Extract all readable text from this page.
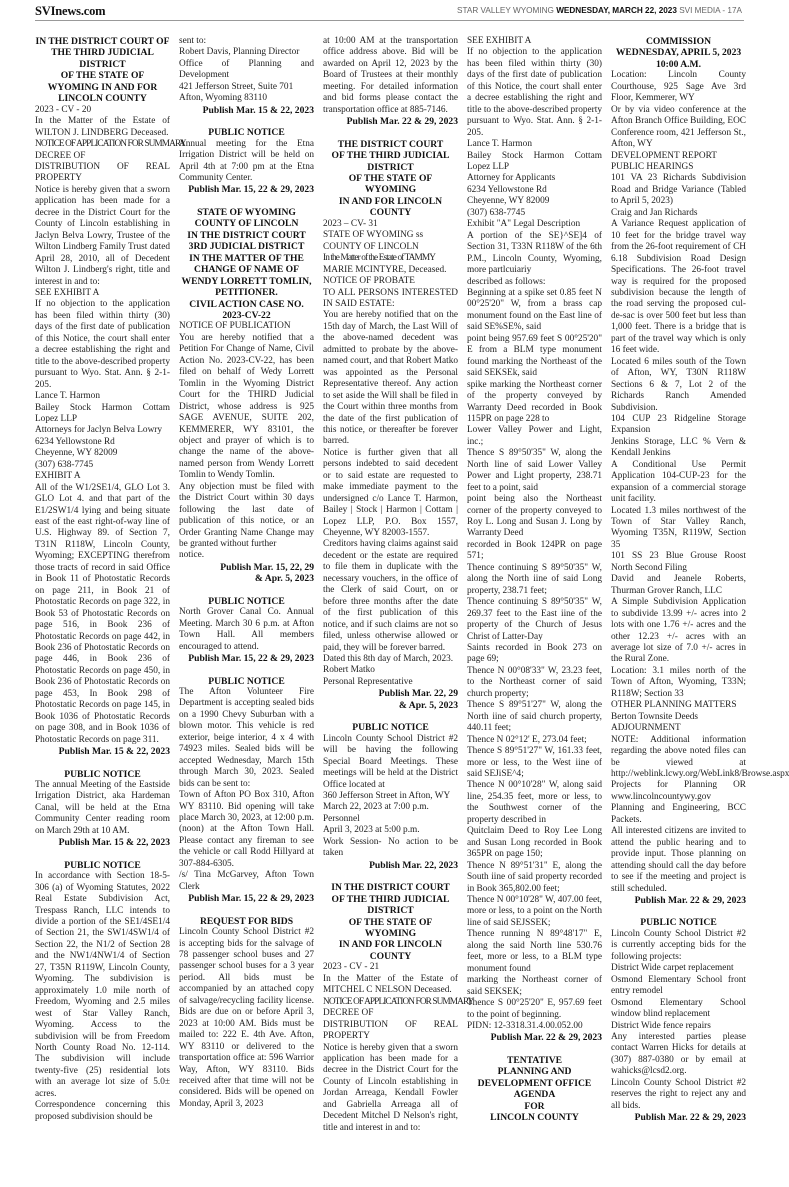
SVInews.com	STAR VALLEY WYOMING WEDNESDAY, MARCH 22, 2023 SVI MEDIA - 17A
IN THE DISTRICT COURT OF THE THIRD JUDICIAL DISTRICT
OF THE STATE OF WYOMING IN AND FOR LINCOLN COUNTY
2023 - CV - 20
In the Matter of the Estate of WILTON J. LINDBERG Deceased.
NOTICE OF APPLICATION FOR SUMMARY
DECREE OF
DISTRIBUTION OF REAL
PROPERTY
Notice is hereby given that a sworn application has been made for a decree in the District Court for the County of Lincoln establishing in Jaclyn Belva Lowry, Trustee of the Wilton Lindberg Family Trust dated April 28, 2010, all of Decedent Wilton J. Lindberg's right, title and interest in and to:
SEE EXHIBIT A
If no objection to the application has been filed within thirty (30) days of the first date of publication of this Notice, the court shall enter a decree establishing the right and title to the above-described property pursuant to Wyo. Stat. Ann. § 2-1-205.
Lance T. Harmon
Bailey Stock Harmon Cottam Lopez LLP
Attorneys for Jaclyn Belva Lowry
6234 Yellowstone Rd
Cheyenne, WY 82009
(307) 638-7745
EXHIBIT A
All of the W1/2SE1/4, GLO Lot 3. GLO Lot 4. and that part of the E1/2SW1/4 lying and being situate east of the east right-of-way line of U.S. Highway 89. of Section 7, T31N R118W, Lincoln County, Wyoming; EXCEPTING therefrom those tracts of record in said Office in Book 11 of Photostatic Records on page 211, in Book 21 of Photostatic Records on page 322, in Book 53 of Photostatic Records on page 516, in Book 236 of Photostatic Records on page 442, in Book 236 of Photostatic Records on page 446, in Book 236 of Photostatic Records on page 450, in Book 236 of Photostatic Records on page 453, In Book 298 of Photostatic Records on page 145, in Book 1036 of Photostatic Records on page 308, and in Book 1036 of Photostatic Records on page 311.
Publish Mar. 15 & 22, 2023
PUBLIC NOTICE
The annual Meeting of the Eastside Irrigation District, aka Hardeman Canal, will be held at the Etna Community Center reading room on March 29th at 10 AM.
Publish Mar. 15 & 22, 2023
PUBLIC NOTICE
In accordance with Section 18-5-306 (a) of Wyoming Statutes, 2022 Real Estate Subdivision Act, Trespass Ranch, LLC intends to divide a portion of the SE1/4SE1/4 of Section 21, the SW1/4SW1/4 of Section 22, the N1/2 of Section 28 and the NW1/4NW1/4 of Section 27, T35N R119W, Lincoln County, Wyoming. The subdivision is approximately 1.0 mile north of Freedom, Wyoming and 2.5 miles west of Star Valley Ranch, Wyoming. Access to the subdivision will be from Freedom North County Road No. 12-114. The subdivision will include twenty-five (25) residential lots with an average lot size of 5.0± acres.
Correspondence concerning this proposed subdivision should be
sent to:
Robert Davis, Planning Director
Office of Planning and Development
421 Jefferson Street, Suite 701
Afton, Wyoming 83110
Publish Mar. 15 & 22, 2023
PUBLIC NOTICE
Annual meeting for the Etna Irrigation District will be held on April 4th at 7:00 pm at the Etna Community Center.
Publish Mar. 15, 22 & 29, 2023
STATE OF WYOMING
COUNTY OF LINCOLN
IN THE DISTRICT COURT
3RD JUDICIAL DISTRICT
IN THE MATTER OF THE
CHANGE OF NAME OF
WENDY LORRETT TOMLIN, PETITIONER.
CIVIL ACTION CASE NO. 2023-CV-22
NOTICE OF PUBLICATION
You are hereby notified that a Petition For Change of Name, Civil Action No. 2023-CV-22, has been filed on behalf of Wedy Lorrett Tomlin in the Wyoming District Court for the THIRD Judicial District, whose address is 925 SAGE AVENUE, SUITE 202, KEMMERER, WY 83101, the object and prayer of which is to change the name of the above-named person from Wendy Lorrett Tomlin to Wendy Tomlin.
Any objection must be filed with the District Court within 30 days following the last date of publication of this notice, or an Order Granting Name Change may be granted without further
notice.
Publish Mar. 15, 22, 29
& Apr. 5, 2023
PUBLIC NOTICE
North Grover Canal Co. Annual Meeting. March 30 6 p.m. at Afton Town Hall. All members encouraged to attend.
Publish Mar. 15, 22 & 29, 2023
PUBLIC NOTICE
The Afton Volunteer Fire Department is accepting sealed bids on a 1990 Chevy Suburban with a blown motor. This vehicle is red exterior, beige interior, 4 x 4 with 74923 miles. Sealed bids will be accepted Wednesday, March 15th through March 30, 2023. Sealed bids can be sent to:
Town of Afton PO Box 310, Afton WY 83110. Bid opening will take place March 30, 2023, at 12:00 p.m. (noon) at the Afton Town Hall. Please contact any fireman to see the vehicle or call Rodd Hillyard at 307-884-6305.
/s/ Tina McGarvey, Afton Town Clerk
Publish Mar. 15, 22 & 29, 2023
REQUEST FOR BIDS
Lincoln County School District #2 is accepting bids for the salvage of 78 passenger school buses and 27 passenger school buses for a 3 year period. All bids must be accompanied by an attached copy of salvage/recycling facility license. Bids are due on or before April 3, 2023 at 10:00 AM. Bids must be mailed to: 222 E. 4th Ave. Afton, WY 83110 or delivered to the transportation office at: 596 Warrior Way, Afton, WY 83110. Bids received after that time will not be considered. Bids will be opened on Monday, April 3, 2023
at 10:00 AM at the transportation office address above. Bid will be awarded on April 12, 2023 by the Board of Trustees at their monthly meeting. For detailed information and bid forms please contact the transportation office at 885-7146.
Publish Mar. 22 & 29, 2023
THE DISTRICT COURT
OF THE THIRD JUDICIAL DISTRICT
OF THE STATE OF WYOMING
IN AND FOR LINCOLN COUNTY
2023 – CV- 31
STATE OF WYOMING ss
COUNTY OF LINCOLN
In the Matter of the Estate of TAMMY
MARIE MCINTYRE, Deceased.
NOTICE OF PROBATE
TO ALL PERSONS INTERESTED IN SAID ESTATE:
You are hereby notified that on the 15th day of March, the Last Will of the above-named decedent was admitted to probate by the above-named court, and that Robert Matko was appointed as the Personal Representative thereof. Any action to set aside the Will shall be filed in the Court within three months from the date of the first publication of this notice, or thereafter be forever barred.
Notice is further given that all persons indebted to said decedent or to said estate are requested to make immediate payment to the undersigned c/o Lance T. Harmon, Bailey | Stock | Harmon | Cottam | Lopez LLP, P.O. Box 1557, Cheyenne, WY 82003-1557.
Creditors having claims against said decedent or the estate are required to file them in duplicate with the necessary vouchers, in the office of the Clerk of said Court, on or before three months after the date of the first publication of this notice, and if such claims are not so filed, unless otherwise allowed or paid, they will be forever barred.
Dated this 8th day of March, 2023.
Robert Matko
Personal Representative
Publish Mar. 22, 29
& Apr. 5, 2023
PUBLIC NOTICE
Lincoln County School District #2 will be having the following Special Board Meetings. These meetings will be held at the District Office located at
360 Jefferson Street in Afton, WY
March 22, 2023 at 7:00 p.m.
Personnel
April 3, 2023 at 5:00 p.m.
Work Session- No action to be taken
Publish Mar. 22, 2023
IN THE DISTRICT COURT
OF THE THIRD JUDICIAL DISTRICT
OF THE STATE OF WYOMING
IN AND FOR LINCOLN COUNTY
2023 - CV - 21
In the Matter of the Estate of MITCHEL C NELSON Deceased.
NOTICE OF APPLICATION FOR SUMMARY
DECREE OF
DISTRIBUTION OF REAL
PROPERTY
Notice is hereby given that a sworn application has been made for a decree in the District Court for the County of Lincoln establishing in Jordan Arreaga, Kendall Fowler and Gabriella Arreaga all of Decedent Mitchel D Nelson's right, title and interest in and to:
SEE EXHIBIT A
If no objection to the application has been filed within thirty (30) days of the first date of publication of this Notice, the court shall enter a decree establishing the right and title to the above-described property pursuant to Wyo. Stat. Ann. § 2-1-205.
Lance T. Harmon
Bailey Stock Harmon Cottam Lopez LLP
Attorney for Applicants
6234 Yellowstone Rd
Cheyenne, WY 82009
(307) 638-7745
Exhibit "A" Legal Description
A portion of the SE}^SE]4 of Section 31, T33N R118W of the 6th P.M., Lincoln County, Wyoming, more partlcuiariy
described as follows:
Beginning at a spike set 0.85 feet N 00°25'20" W, from a brass cap monument found on the East line of said SE%SE%, said
point being 957.69 feet S 00°25'20" E from a BLM type monument found marking the Northeast of the said SEKSEk, said
spike marking the Northeast corner of the property conveyed by Warranty Deed recorded in Book 115PR on page 228 to
Lower Valley Power and Light, inc.;
Thence S 89°50'35" W, along the North line of said Lower Valley Power and Light property, 238.71 feet to a point, said
point being also the Northeast corner of the property conveyed to Roy L. Long and Susan J. Long by Warranty Deed
recorded in Book 124PR on page 571;
Thence continuing S 89°50'35" W, along the North iine of said Long property, 238.71 feet;
Thence continuing S 89°50'35" W, 269.37 feet to the East iine of the property of the Church of Jesus Christ of Latter-Day
Saints recorded in Book 273 on page 69;
Thence N 00°08'33" W, 23.23 feet, to the Northeast corner of said church property;
Thence S 89°51'27" W, along the North iine of said church property, 440.11 feet;
Thence N 02°12' E, 273.04 feet;
Thence S 89°51'27" W, 161.33 feet, more or less, to the West iine of said SEJiSE^4;
Thence N 00°10'28" W, along said line, 254.35 feet, more or less, to the Southwest corner of the property described in
Quitclaim Deed to Roy Lee Long and Susan Long recorded in Book 365PR on page 150;
Thence N 89°51'31" E, along the South iine of said property recorded in Book 365,802.00 feet;
Thence N 00°10'28" W, 407.00 feet, more or less, to a point on the North line of said SEJSSEK;
Thence running N 89°48'17" E, along the said North line 530.76 feet, more or less, to a BLM type monument found
marking the Northeast corner of said SEKSEK;
Thence S 00°25'20" E, 957.69 feet to the point of beginning.
PIDN: 12-3318.31.4.00.052.00
Publish Mar. 22 & 29, 2023
TENTATIVE
PLANNING AND
DEVELOPMENT OFFICE
AGENDA
FOR
LINCOLN COUNTY
COMMISSION
WEDNESDAY, APRIL 5, 2023
10:00 A.M.
Location: Lincoln County Courthouse, 925 Sage Ave 3rd Floor, Kemmerer, WY
Or by via video conference at the Afton Branch Office Building, EOC Conference room, 421 Jefferson St., Afton, WY
DEVELOPMENT REPORT
PUBLIC HEARINGS
101 VA 23 Richards Subdivision Road and Bridge Variance (Tabled to April 5, 2023)
Craig and Jan Richards
A Variance Request application of 10 feet for the bridge travel way from the 26-foot requirement of CH 6.18 Subdivision Road Design Specifications. The 26-foot travel way is required for the proposed subdivision because the length of the road serving the proposed cul-de-sac is over 500 feet but less than 1,000 feet. There is a bridge that is part of the travel way which is only 16 feet wide.
Located 6 miles south of the Town of Afton, WY, T30N R118W Sections 6 & 7, Lot 2 of the Richards Ranch Amended Subdivision.
104 CUP 23 Ridgeline Storage Expansion
Jenkins Storage, LLC % Vern & Kendall Jenkins
A Conditional Use Permit Application 104-CUP-23 for the expansion of a commercial storage unit facility.
Located 1.3 miles northwest of the Town of Star Valley Ranch, Wyoming T35N, R119W, Section 35
101 SS 23 Blue Grouse Roost North Second Filing
David and Jeanele Roberts, Thurman Grover Ranch, LLC
A Simple Subdivision Application to subdivide 13.99 +/- acres into 2 lots with one 1.76 +/- acres and the other 12.23 +/- acres with an average lot size of 7.0 +/- acres in the Rural Zone.
Location: 3.1 miles north of the Town of Afton, Wyoming, T33N; R118W; Section 33
OTHER PLANNING MATTERS
Berton Townsite Deeds
ADJOURNMENT
NOTE: Additional information regarding the above noted files can be viewed at http://weblink.lcwy.org/WebLink8/Browse.aspx Projects for Planning OR www.lincolncountywy.gov Planning and Engineering, BCC Packets.
All interested citizens are invited to attend the public hearing and to provide input. Those planning on attending should call the day before to see if the meeting and project is still scheduled.
Publish Mar. 22 & 29, 2023
PUBLIC NOTICE
Lincoln County School District #2 is currently accepting bids for the following projects:
District Wide carpet replacement
Osmond Elementary School front entry remodel
Osmond Elementary School window blind replacement
District Wide fence repairs
Any interested parties please contact Warren Hicks for details at (307) 887-0380 or by email at wahicks@lcsd2.org.
Lincoln County School District #2 reserves the right to reject any and all bids.
Publish Mar. 22 & 29, 2023
